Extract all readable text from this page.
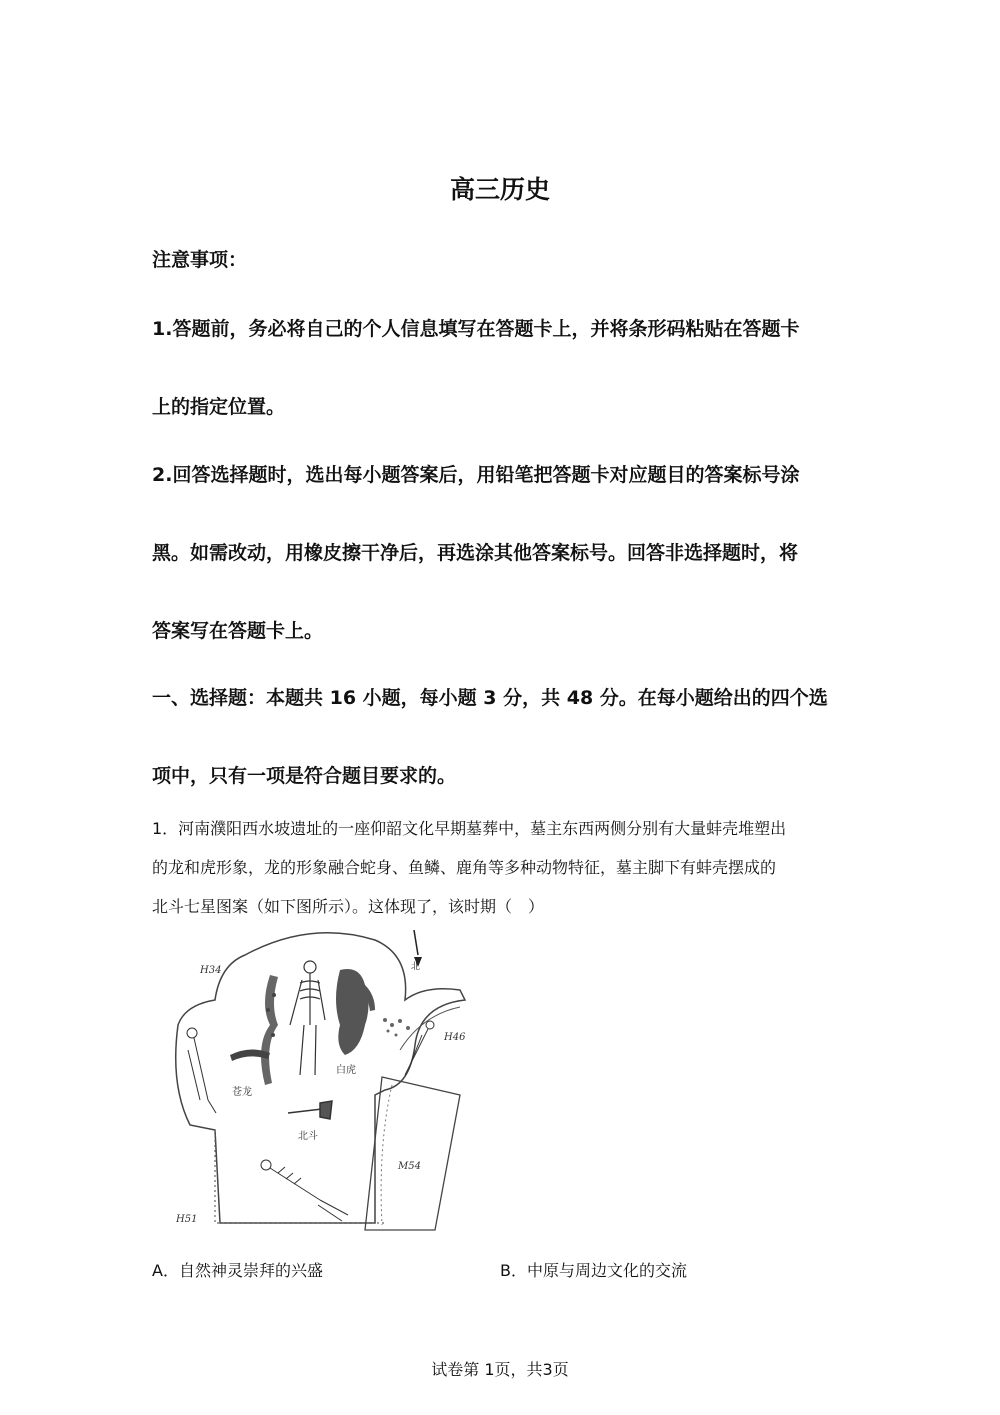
高三历史
注意事项：
1.答题前，务必将自己的个人信息填写在答题卡上，并将条形码粘贴在答题卡
上的指定位置。
2.回答选择题时，选出每小题答案后，用铅笔把答题卡对应题目的答案标号涂
黑。如需改动，用橡皮擦干净后，再选涂其他答案标号。回答非选择题时，将
答案写在答题卡上。
一、选择题：本题共 16 小题，每小题 3 分，共 48 分。在每小题给出的四个选
项中，只有一项是符合题目要求的。
1．河南濮阳西水坡遗址的一座仰韶文化早期墓葬中，墓主东西两侧分别有大量蚌壳堆塑出
的龙和虎形象，龙的形象融合蛇身、鱼鳞、鹿角等多种动物特征，墓主脚下有蚌壳摆成的
北斗七星图案（如下图所示）。这体现了，该时期（　）
北
H34
H46
H51
M54
苍龙
白虎
北斗
A．自然神灵崇拜的兴盛	B．中原与周边文化的交流
试卷第 1页，共3页
